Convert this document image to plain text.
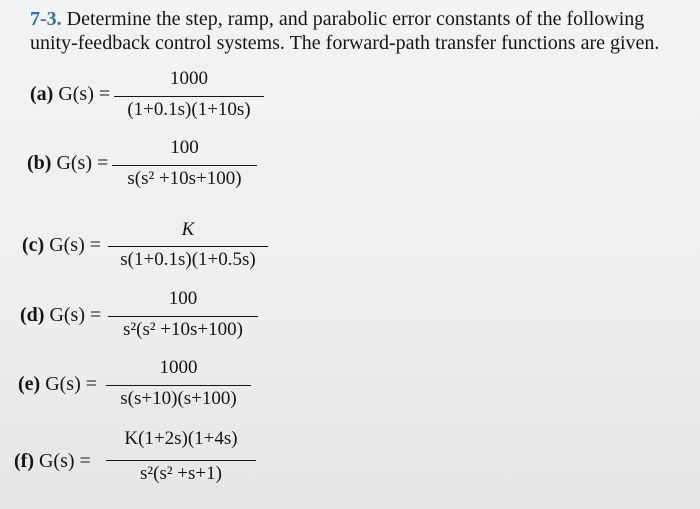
7-3. Determine the step, ramp, and parabolic error constants of the following unity-feedback control systems. The forward-path transfer functions are given.
(a) G(s) =
1000
(1+0.1s)(1+10s)
(b) G(s) =
100
s(s² +10s+100)
(c) G(s) =
K
s(1+0.1s)(1+0.5s)
(d) G(s) =
100
s²(s² +10s+100)
(e) G(s) =
1000
s(s+10)(s+100)
(f) G(s) =
K(1+2s)(1+4s)
s²(s² +s+1)
